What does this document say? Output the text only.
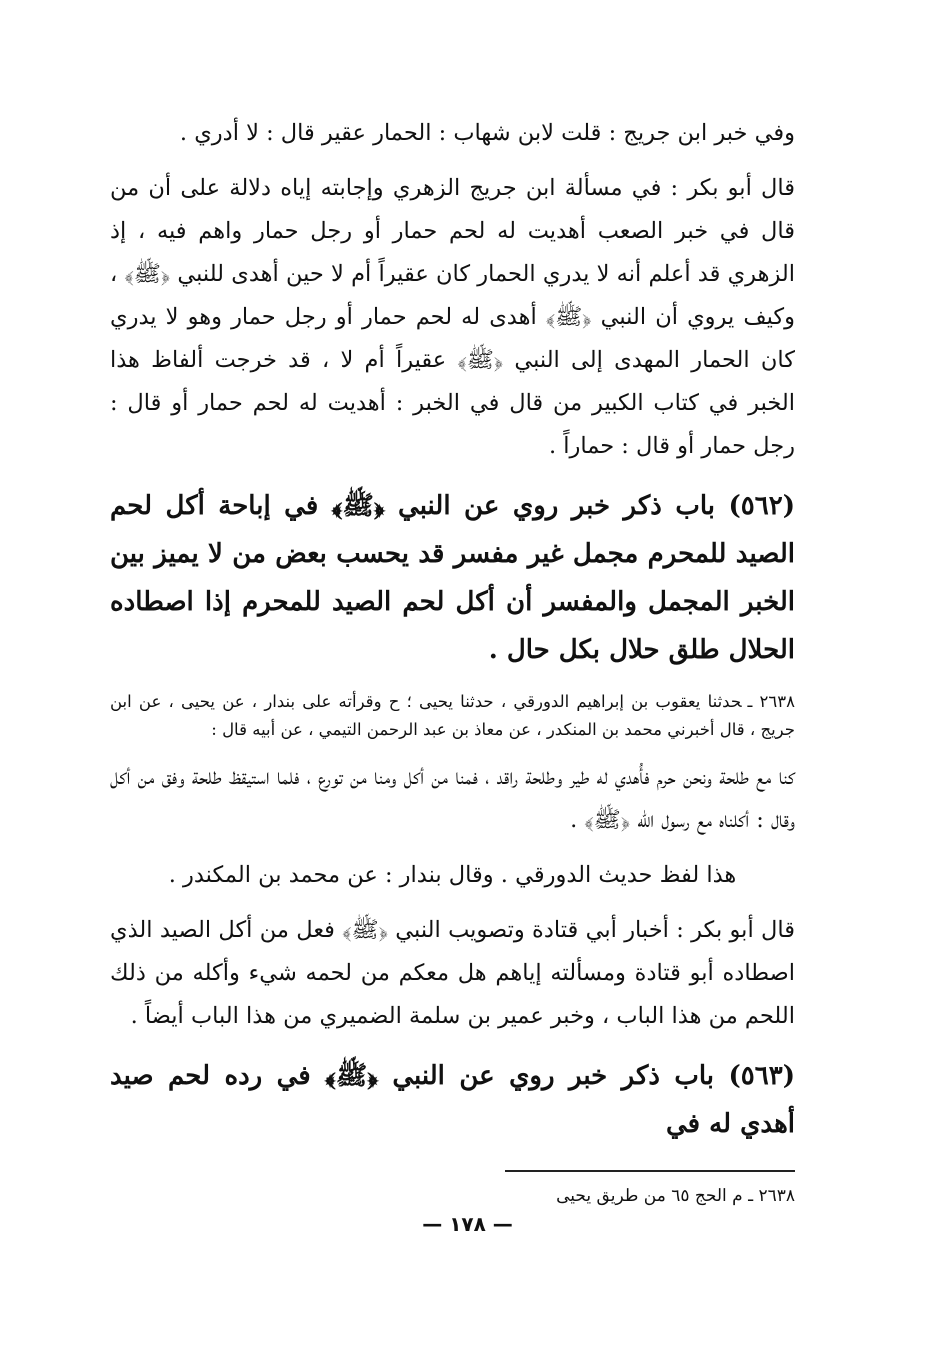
وفي خبر ابن جريج : قلت لابن شهاب : الحمار عقير قال : لا أدري .

قال أبو بكر : في مسألة ابن جريج الزهري وإجابته إياه دلالة على أن من قال في خبر الصعب أهديت له لحم حمار أو رجل حمار واهم فيه ، إذ الزهري قد أعلم أنه لا يدري الحمار كان عقيراً أم لا حين أهدى للنبي ﴿ﷺ﴾ ، وكيف يروي أن النبي ﴿ﷺ﴾ أهدى له لحم حمار أو رجل حمار وهو لا يدري كان الحمار المهدى إلى النبي ﴿ﷺ﴾ عقيراً أم لا ، قد خرجت ألفاظ هذا الخبر في كتاب الكبير من قال في الخبر : أهديت له لحم حمار أو قال : رجل حمار أو قال : حماراً .

(٥٦٢) باب ذكر خبر روي عن النبي ﴿ﷺ﴾ في إباحة أكل لحم الصيد للمحرم مجمل غير مفسر قد يحسب بعض من لا يميز بين الخبر المجمل والمفسر أن أكل لحم الصيد للمحرم إذا اصطاده الحلال طلق حلال بكل حال .

٢٦٣٨ ـحدثنا يعقوب بن إبراهيم الدورقي ، حدثنا يحيى ؛ ح وقرأته على بندار ، عن يحيى ، عن ابن جريج ، قال أخبرني محمد بن المنكدر ، عن معاذ بن عبد الرحمن التيمي ، عن أبيه قال :

كنا مع طلحة ونحن حرم فأُهدي له طير وطلحة راقد ، فمنا من أكل ومنا من تورع ، فلما استيقظ طلحة وفق من أكل وقال : أكلناه مع رسول الله ﴿ﷺ﴾ .

هذا لفظ حديث الدورقي . وقال بندار : عن محمد بن المكندر .

قال أبو بكر : أخبار أبي قتادة وتصويب النبي ﴿ﷺ﴾ فعل من أكل الصيد الذي اصطاده أبو قتادة ومسألته إياهم هل معكم من لحمه شيء وأكله من ذلك اللحم من هذا الباب ، وخبر عمير بن سلمة الضميري من هذا الباب أيضاً .

(٥٦٣) باب ذكر خبر روي عن النبي ﴿ﷺ﴾ في رده لحم صيد أهدي له في

٢٦٣٨ ـ م الحج ٦٥ من طريق يحيى

— ١٧٨ —
